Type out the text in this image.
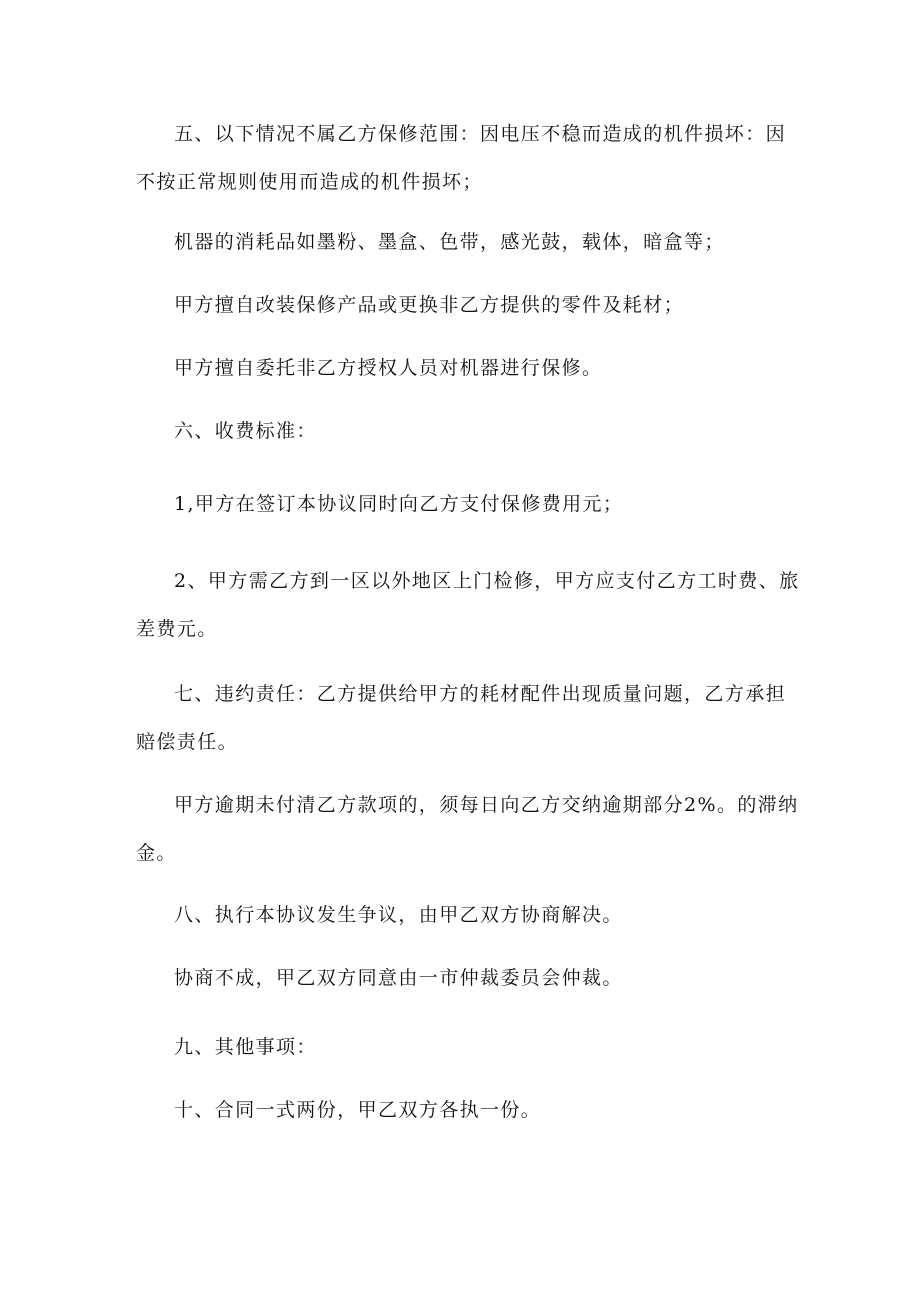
五、以下情况不属乙方保修范围：因电压不稳而造成的机件损坏：因
不按正常规则使用而造成的机件损坏；
机器的消耗品如墨粉、墨盒、色带，感光鼓，载体，暗盒等；
甲方擅自改装保修产品或更换非乙方提供的零件及耗材；
甲方擅自委托非乙方授权人员对机器进行保修。
六、收费标准：
1,甲方在签订本协议同时向乙方支付保修费用元；
2、甲方需乙方到一区以外地区上门检修，甲方应支付乙方工时费、旅
差费元。
七、违约责任：乙方提供给甲方的耗材配件出现质量问题，乙方承担
赔偿责任。
甲方逾期未付清乙方款项的，须每日向乙方交纳逾期部分2%。的滞纳
金。
八、执行本协议发生争议，由甲乙双方协商解决。
协商不成，甲乙双方同意由一市仲裁委员会仲裁。
九、其他事项：
十、合同一式两份，甲乙双方各执一份。
